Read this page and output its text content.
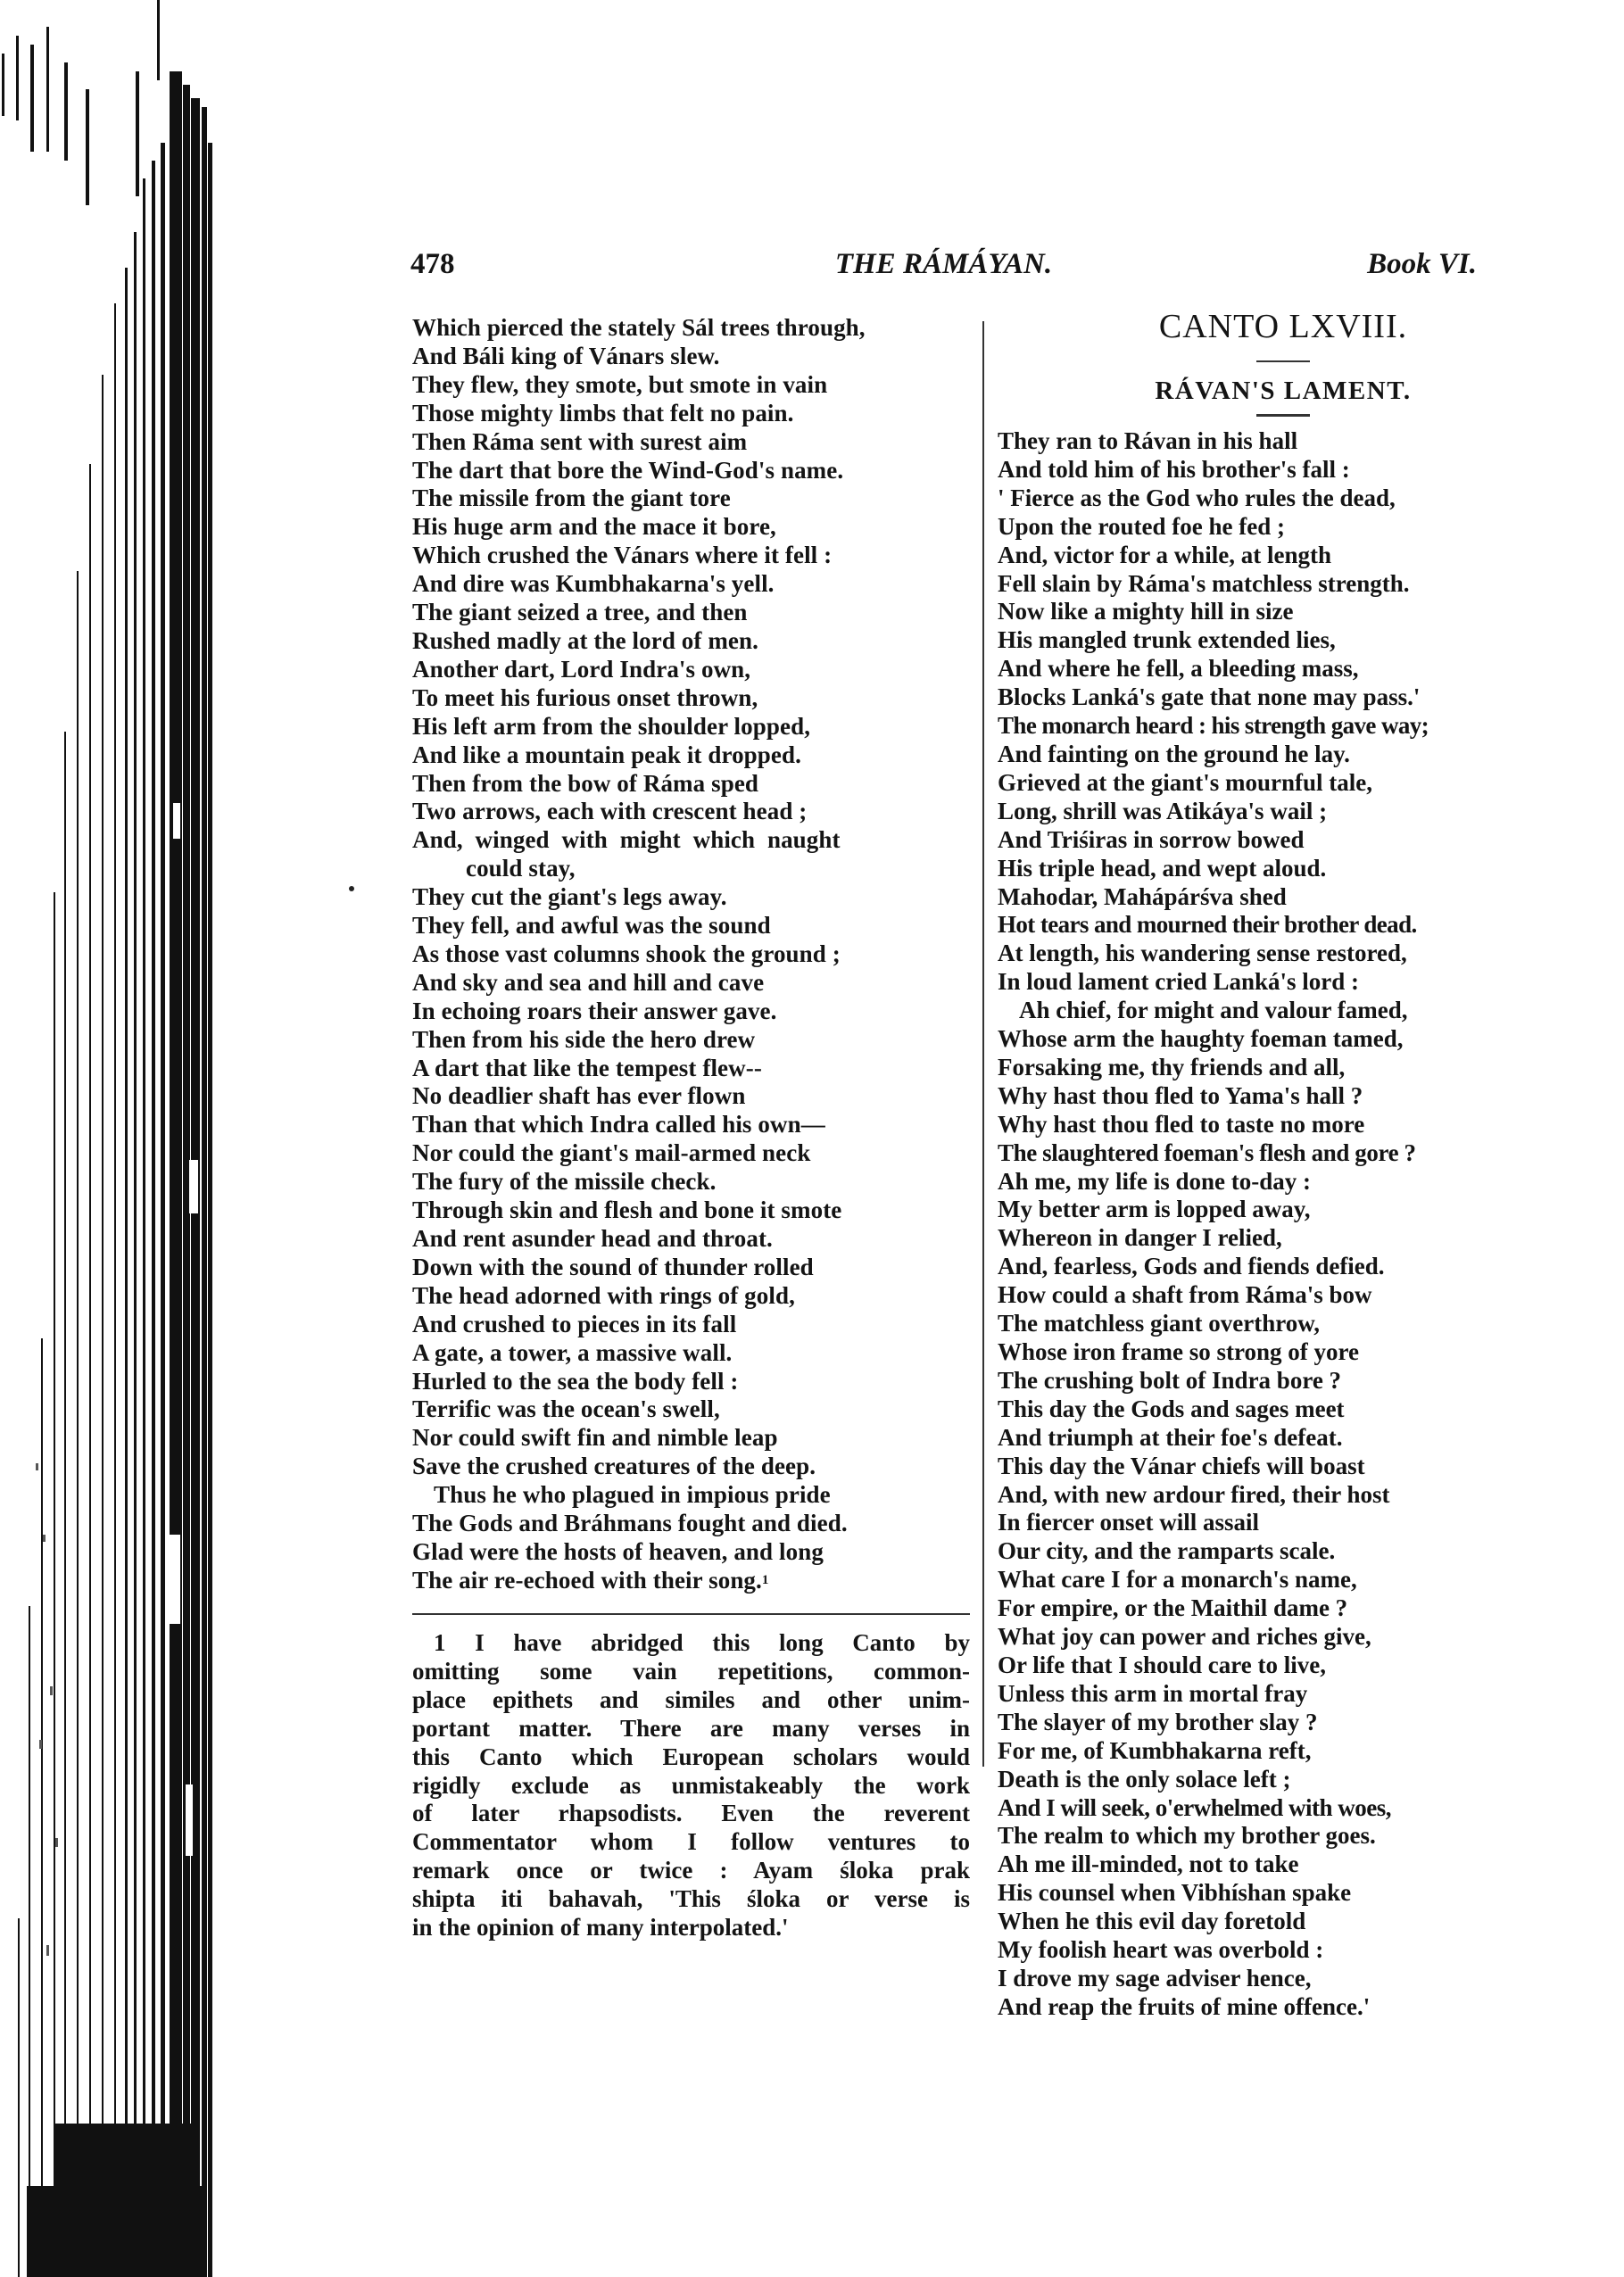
478	THE RÁMÁYAN.	Book VI.
Which pierced the stately Sál trees through,
And Báli king of Vánars slew.
They flew, they smote, but smote in vain
Those mighty limbs that felt no pain.
Then Ráma sent with surest aim
The dart that bore the Wind-God's name.
The missile from the giant tore
His huge arm and the mace it bore,
Which crushed the Vánars where it fell :
And dire was Kumbhakarna's yell.
The giant seized a tree, and then
Rushed madly at the lord of men.
Another dart, Lord Indra's own,
To meet his furious onset thrown,
His left arm from the shoulder lopped,
And like a mountain peak it dropped.
Then from the bow of Ráma sped
Two arrows, each with crescent head ;
And, winged with might which naught
could stay,
They cut the giant's legs away.
They fell, and awful was the sound
As those vast columns shook the ground ;
And sky and sea and hill and cave
In echoing roars their answer gave.
Then from his side the hero drew
A dart that like the tempest flew--
No deadlier shaft has ever flown
Than that which Indra called his own—
Nor could the giant's mail-armed neck
The fury of the missile check.
Through skin and flesh and bone it smote
And rent asunder head and throat.
Down with the sound of thunder rolled
The head adorned with rings of gold,
And crushed to pieces in its fall
A gate, a tower, a massive wall.
Hurled to the sea the body fell :
Terrific was the ocean's swell,
Nor could swift fin and nimble leap
Save the crushed creatures of the deep.
Thus he who plagued in impious pride
The Gods and Bráhmans fought and died.
Glad were the hosts of heaven, and long
The air re-echoed with their song.$^1$
1 I have abridged this long Canto by
omitting some vain repetitions, common-
place epithets and similes and other unim-
portant matter. There are many verses in
this Canto which European scholars would
rigidly exclude as unmistakeably the work
of later rhapsodists. Even the reverent
Commentator whom I follow ventures to
remark once or twice : Ayam śloka prak
shipta iti bahavah, 'This śloka or verse is
in the opinion of many interpolated.'
CANTO LXVIII.
RÁVAN'S LAMENT.
They ran to Rávan in his hall
And told him of his brother's fall :
' Fierce as the God who rules the dead,
Upon the routed foe he fed ;
And, victor for a while, at length
Fell slain by Ráma's matchless strength.
Now like a mighty hill in size
His mangled trunk extended lies,
And where he fell, a bleeding mass,
Blocks Lanká's gate that none may pass.'
The monarch heard : his strength gave way;
And fainting on the ground he lay.
Grieved at the giant's mournful tale,
Long, shrill was Atikáya's wail ;
And Triśiras in sorrow bowed
His triple head, and wept aloud.
Mahodar, Mahápárśva shed
Hot tears and mourned their brother dead.
At length, his wandering sense restored,
In loud lament cried Lanká's lord :
Ah chief, for might and valour famed,
Whose arm the haughty foeman tamed,
Forsaking me, thy friends and all,
Why hast thou fled to Yama's hall ?
Why hast thou fled to taste no more
The slaughtered foeman's flesh and gore ?
Ah me, my life is done to-day :
My better arm is lopped away,
Whereon in danger I relied,
And, fearless, Gods and fiends defied.
How could a shaft from Ráma's bow
The matchless giant overthrow,
Whose iron frame so strong of yore
The crushing bolt of Indra bore ?
This day the Gods and sages meet
And triumph at their foe's defeat.
This day the Vánar chiefs will boast
And, with new ardour fired, their host
In fiercer onset will assail
Our city, and the ramparts scale.
What care I for a monarch's name,
For empire, or the Maithil dame ?
What joy can power and riches give,
Or life that I should care to live,
Unless this arm in mortal fray
The slayer of my brother slay ?
For me, of Kumbhakarna reft,
Death is the only solace left ;
And I will seek, o'erwhelmed with woes,
The realm to which my brother goes.
Ah me ill-minded, not to take
His counsel when Vibhíshan spake
When he this evil day foretold
My foolish heart was overbold :
I drove my sage adviser hence,
And reap the fruits of mine offence.'
